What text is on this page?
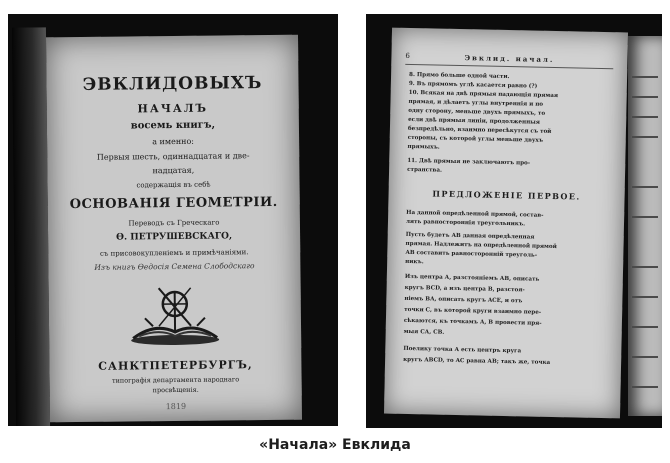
ЭВКЛИДОВЫХЪ
НАЧАЛЪ
восемь книгъ,
а именно:
Первыя шесть, одиннадцатая и две-
надцатая,
содержащія въ себѣ
ОСНОВАНІЯ ГЕОМЕТРІИ.
Переводъ съ Греческаго
Ѳ. ПЕТРУШЕВСКАГО,
съ присовокупленіемъ и примѣчаніями.
Изъ книгъ Ѳедосія Семена Слободскаго
САНКТПЕТЕРБУРГЪ,
типографія департамента народнаго
просвѣщенія.
1819
6	Эвклид. начал.
8. Прямо больше одной части.
9. Въ прямомъ углѣ касается равно (?)
10. Всякая на двѣ прямыя падающія прямая
прямая, и дѣлаетъ углы внутреннія и по
одну сторону, меньше двухъ прямыхъ, то
если двѣ прямыя линіи, продолженныя
безпредѣльно, взаимно пересѣкутся съ той
стороны, съ которой углы меньше двухъ
прямыхъ.
11. Двѣ прямыя не заключаютъ про-
странства.
ПРЕДЛОЖЕНІЕ ПЕРВОЕ.
На данной опредѣленной прямой, состав-
лять равностороннія треугольникъ.
Пусть будетъ АВ данная опредѣленная
прямая. Надлежитъ на опредѣленной прямой
АВ составить равносторонній треуголь-
никъ.
Изъ центра А, разстояніемъ АВ, описать
кругъ BCD, а изъ центра В, разстоя-
ніемъ ВА, описать кругъ ACE, и отъ
точки С, въ которой круги взаимно пере-
сѣкаются, къ точкамъ А, В провести пря-
мыя СА, СВ.
Поелику точка А есть центръ круга
кругъ ABCD, то AC равна АВ; такъ же, точка
«Начала» Евклида
